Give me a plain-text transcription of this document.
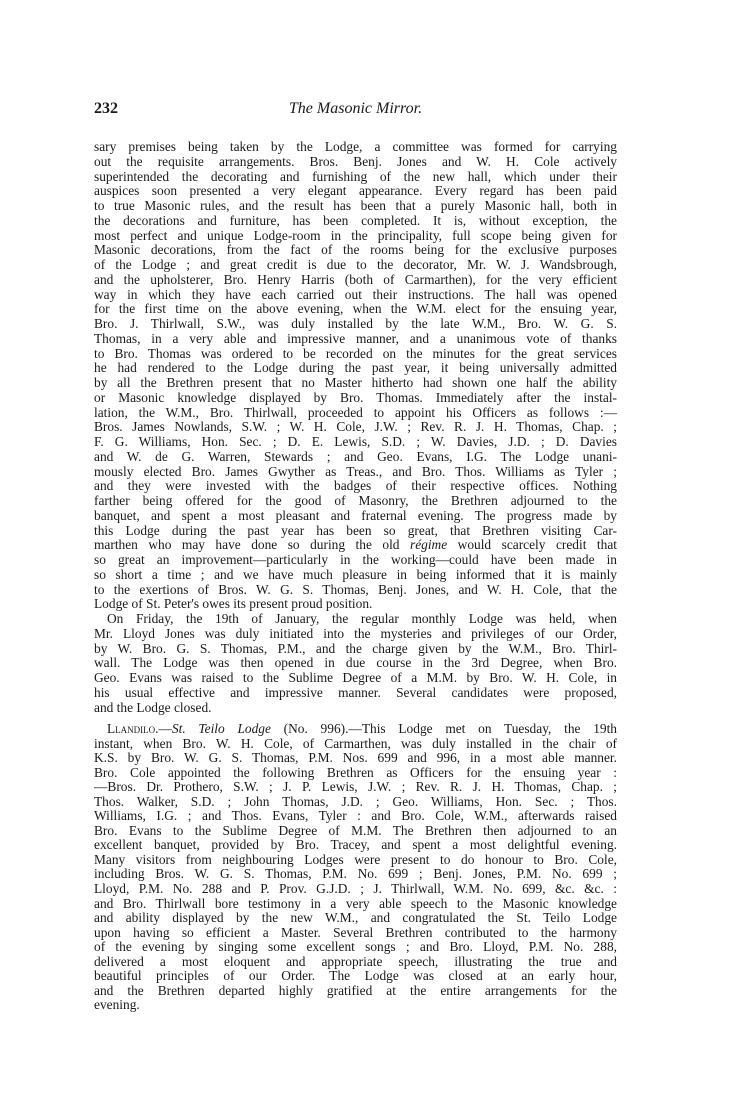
232	The Masonic Mirror.
sary premises being taken by the Lodge, a committee was formed for carrying
out the requisite arrangements. Bros. Benj. Jones and W. H. Cole actively
superintended the decorating and furnishing of the new hall, which under their
auspices soon presented a very elegant appearance. Every regard has been paid
to true Masonic rules, and the result has been that a purely Masonic hall, both in
the decorations and furniture, has been completed. It is, without exception, the
most perfect and unique Lodge-room in the principality, full scope being given for
Masonic decorations, from the fact of the rooms being for the exclusive purposes
of the Lodge ; and great credit is due to the decorator, Mr. W. J. Wandsbrough,
and the upholsterer, Bro. Henry Harris (both of Carmarthen), for the very efficient
way in which they have each carried out their instructions. The hall was opened
for the first time on the above evening, when the W.M. elect for the ensuing year,
Bro. J. Thirlwall, S.W., was duly installed by the late W.M., Bro. W. G. S.
Thomas, in a very able and impressive manner, and a unanimous vote of thanks
to Bro. Thomas was ordered to be recorded on the minutes for the great services
he had rendered to the Lodge during the past year, it being universally admitted
by all the Brethren present that no Master hitherto had shown one half the ability
or Masonic knowledge displayed by Bro. Thomas. Immediately after the instal-
lation, the W.M., Bro. Thirlwall, proceeded to appoint his Officers as follows :—
Bros. James Nowlands, S.W. ; W. H. Cole, J.W. ; Rev. R. J. H. Thomas, Chap. ;
F. G. Williams, Hon. Sec. ; D. E. Lewis, S.D. ; W. Davies, J.D. ; D. Davies
and W. de G. Warren, Stewards ; and Geo. Evans, I.G. The Lodge unani-
mously elected Bro. James Gwyther as Treas., and Bro. Thos. Williams as Tyler ;
and they were invested with the badges of their respective offices. Nothing
farther being offered for the good of Masonry, the Brethren adjourned to the
banquet, and spent a most pleasant and fraternal evening. The progress made by
this Lodge during the past year has been so great, that Brethren visiting Car-
marthen who may have done so during the old régime would scarcely credit that
so great an improvement—particularly in the working—could have been made in
so short a time ; and we have much pleasure in being informed that it is mainly
to the exertions of Bros. W. G. S. Thomas, Benj. Jones, and W. H. Cole, that the
Lodge of St. Peter's owes its present proud position.
On Friday, the 19th of January, the regular monthly Lodge was held, when
Mr. Lloyd Jones was duly initiated into the mysteries and privileges of our Order,
by W. Bro. G. S. Thomas, P.M., and the charge given by the W.M., Bro. Thirl-
wall. The Lodge was then opened in due course in the 3rd Degree, when Bro.
Geo. Evans was raised to the Sublime Degree of a M.M. by Bro. W. H. Cole, in
his usual effective and impressive manner. Several candidates were proposed,
and the Lodge closed.
Llandilo.—St. Teilo Lodge (No. 996).—This Lodge met on Tuesday, the 19th
instant, when Bro. W. H. Cole, of Carmarthen, was duly installed in the chair of
K.S. by Bro. W. G. S. Thomas, P.M. Nos. 699 and 996, in a most able manner.
Bro. Cole appointed the following Brethren as Officers for the ensuing year :
—Bros. Dr. Prothero, S.W. ; J. P. Lewis, J.W. ; Rev. R. J. H. Thomas, Chap. ;
Thos. Walker, S.D. ; John Thomas, J.D. ; Geo. Williams, Hon. Sec. ; Thos.
Williams, I.G. ; and Thos. Evans, Tyler : and Bro. Cole, W.M., afterwards raised
Bro. Evans to the Sublime Degree of M.M. The Brethren then adjourned to an
excellent banquet, provided by Bro. Tracey, and spent a most delightful evening.
Many visitors from neighbouring Lodges were present to do honour to Bro. Cole,
including Bros. W. G. S. Thomas, P.M. No. 699 ; Benj. Jones, P.M. No. 699 ;
Lloyd, P.M. No. 288 and P. Prov. G.J.D. ; J. Thirlwall, W.M. No. 699, &c. &c. :
and Bro. Thirlwall bore testimony in a very able speech to the Masonic knowledge
and ability displayed by the new W.M., and congratulated the St. Teilo Lodge
upon having so efficient a Master. Several Brethren contributed to the harmony
of the evening by singing some excellent songs ; and Bro. Lloyd, P.M. No. 288,
delivered a most eloquent and appropriate speech, illustrating the true and
beautiful principles of our Order. The Lodge was closed at an early hour,
and the Brethren departed highly gratified at the entire arrangements for the
evening.
